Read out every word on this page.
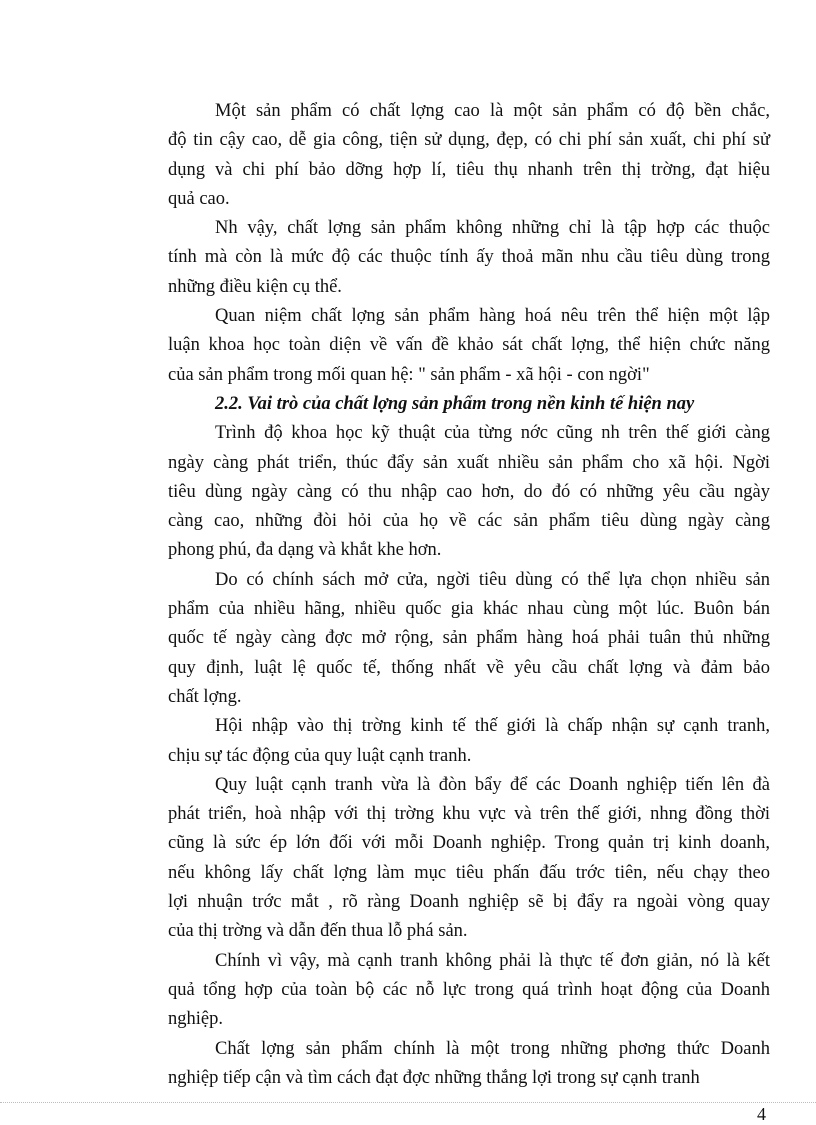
Một sản phẩm có chất lợng cao là một sản phẩm có độ bền chắc,
độ tin cậy cao, dễ gia công, tiện sử dụng, đẹp, có chi phí sản xuất, chi phí sử
dụng và chi phí bảo dỡng hợp lí, tiêu thụ nhanh trên thị trờng, đạt hiệu
quả cao.

Nh vậy, chất lợng sản phẩm không những chỉ là tập hợp các thuộc
tính mà còn là mức độ các thuộc tính ấy thoả mãn nhu cầu tiêu dùng trong
những điều kiện cụ thể.

Quan niệm chất lợng sản phẩm hàng hoá nêu trên thể hiện một lập
luận khoa học toàn diện về vấn đề khảo sát chất lợng, thể hiện chức năng
của sản phẩm trong mối quan hệ: " sản phẩm - xã hội - con ngời"

2.2. Vai trò của chất lợng sản phẩm trong nền kinh tế hiện nay

Trình độ khoa học kỹ thuật của từng nớc cũng nh trên thế giới càng
ngày càng phát triển, thúc đẩy sản xuất nhiều sản phẩm cho xã hội. Ngời
tiêu dùng ngày càng có thu nhập cao hơn, do đó có những yêu cầu ngày
càng cao, những đòi hỏi của họ về các sản phẩm tiêu dùng ngày càng
phong phú, đa dạng và khắt khe hơn.

Do có chính sách mở cửa, ngời tiêu dùng có thể lựa chọn nhiều sản
phẩm của nhiều hãng, nhiều quốc gia khác nhau cùng một lúc. Buôn bán
quốc tế ngày càng đợc mở rộng, sản phẩm hàng hoá phải tuân thủ những
quy định, luật lệ quốc tế, thống nhất về yêu cầu chất lợng và đảm bảo
chất lợng.

Hội nhập vào thị trờng kinh tế thế giới là chấp nhận sự cạnh tranh,
chịu sự tác động của quy luật cạnh tranh.

Quy luật cạnh tranh vừa là đòn bẩy để các Doanh nghiệp tiến lên đà
phát triển, hoà nhập với thị trờng khu vực và trên thế giới, nhng đồng thời
cũng là sức ép lớn đối với mỗi Doanh nghiệp. Trong quản trị kinh doanh,
nếu không lấy chất lợng làm mục tiêu phấn đấu trớc tiên, nếu chạy theo
lợi nhuận trớc mắt , rõ ràng Doanh nghiệp sẽ bị đẩy ra ngoài vòng quay
của thị trờng và dẫn đến thua lỗ phá sản.

Chính vì vậy, mà cạnh tranh không phải là thực tế đơn giản, nó là kết
quả tổng hợp của toàn bộ các nỗ lực trong quá trình hoạt động của Doanh
nghiệp.

Chất lợng sản phẩm chính là một trong những phơng thức Doanh
nghiệp tiếp cận và tìm cách đạt đợc những thắng lợi trong sự cạnh tranh

4
